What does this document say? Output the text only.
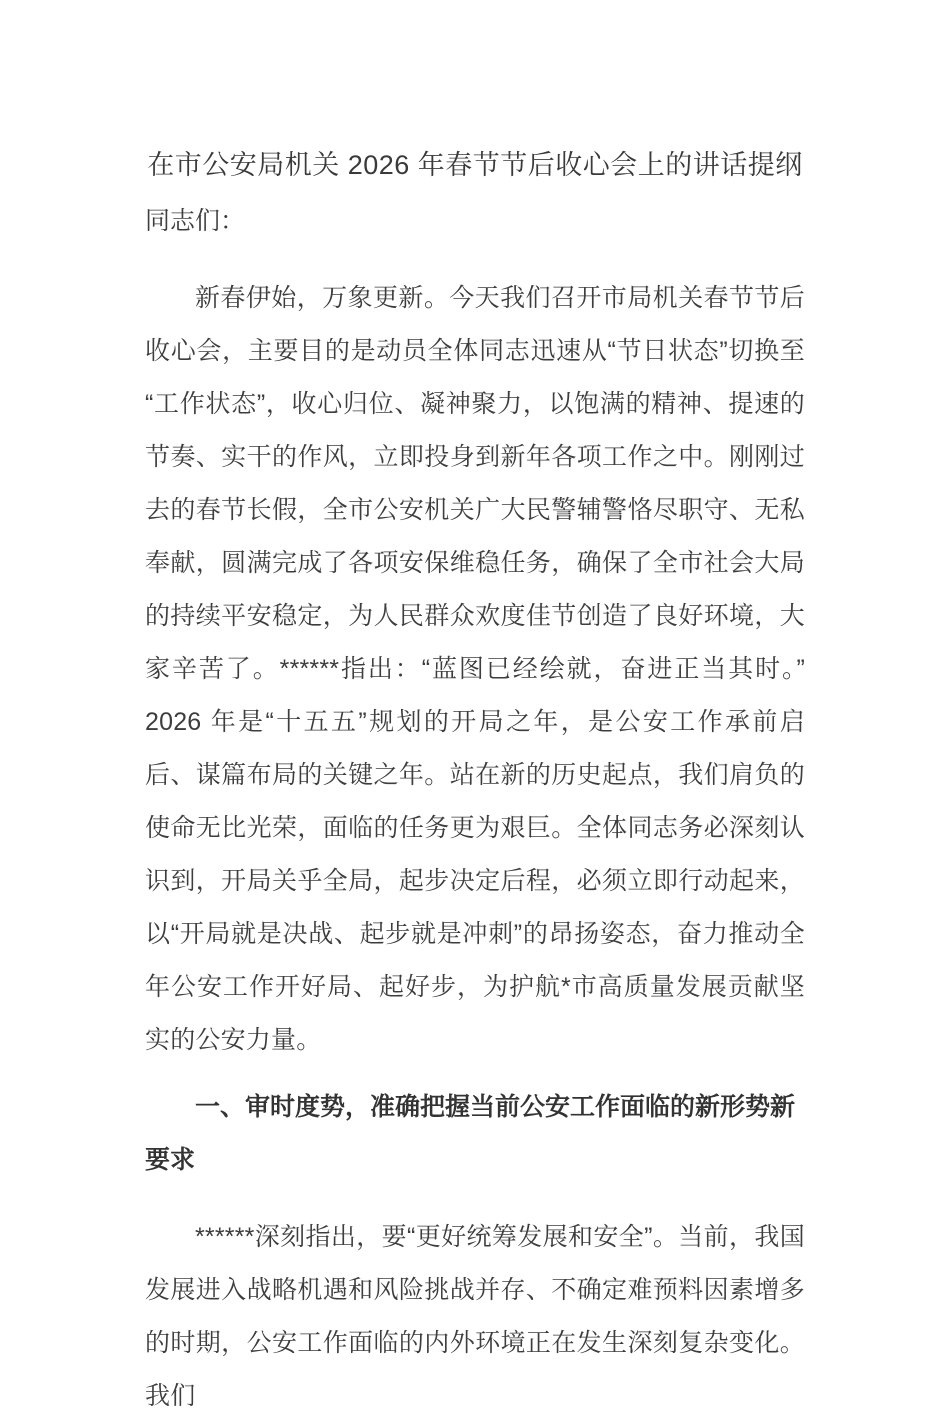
在市公安局机关 2026 年春节节后收心会上的讲话提纲

同志们：

新春伊始，万象更新。今天我们召开市局机关春节节后收心会，主要目的是动员全体同志迅速从“节日状态”切换至“工作状态”，收心归位、凝神聚力，以饱满的精神、提速的节奏、实干的作风，立即投身到新年各项工作之中。刚刚过去的春节长假，全市公安机关广大民警辅警恪尽职守、无私奉献，圆满完成了各项安保维稳任务，确保了全市社会大局的持续平安稳定，为人民群众欢度佳节创造了良好环境，大家辛苦了。******指出：“蓝图已经绘就，奋进正当其时。”2026 年是“十五五”规划的开局之年，是公安工作承前启后、谋篇布局的关键之年。站在新的历史起点，我们肩负的使命无比光荣，面临的任务更为艰巨。全体同志务必深刻认识到，开局关乎全局，起步决定后程，必须立即行动起来，以“开局就是决战、起步就是冲刺”的昂扬姿态，奋力推动全年公安工作开好局、起好步，为护航*市高质量发展贡献坚实的公安力量。

一、审时度势，准确把握当前公安工作面临的新形势新要求

******深刻指出，要“更好统筹发展和安全”。当前，我国发展进入战略机遇和风险挑战并存、不确定难预料因素增多的时期，公安工作面临的内外环境正在发生深刻复杂变化。我们
